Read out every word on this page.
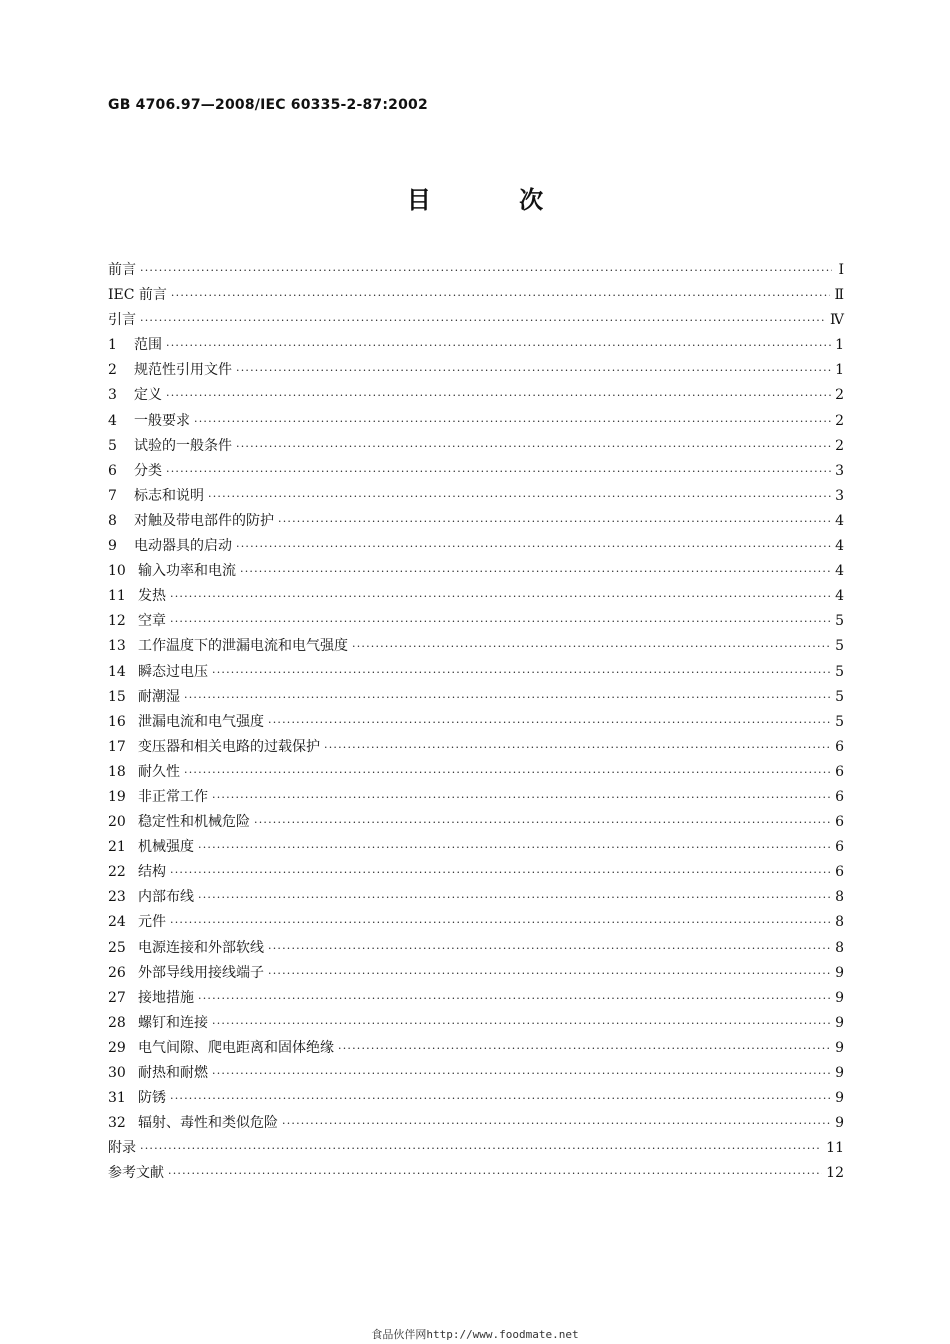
GB 4706.97—2008/IEC 60335-2-87:2002
目 次
前言 ·····	Ⅰ
IEC 前言 ·····	Ⅱ
引言 ·····	Ⅳ
1	范围 ·····	1
2	规范性引用文件 ·····	1
3	定义 ·····	2
4	一般要求 ·····	2
5	试验的一般条件 ·····	2
6	分类 ·····	3
7	标志和说明 ·····	3
8	对触及带电部件的防护 ·····	4
9	电动器具的启动 ·····	4
10 输入功率和电流 ·····	4
11 发热 ·····	4
12 空章 ·····	5
13 工作温度下的泄漏电流和电气强度 ·····	5
14 瞬态过电压 ·····	5
15 耐潮湿 ·····	5
16 泄漏电流和电气强度 ·····	5
17 变压器和相关电路的过载保护 ·····	6
18 耐久性 ·····	6
19 非正常工作 ·····	6
20 稳定性和机械危险 ·····	6
21 机械强度 ·····	6
22 结构 ·····	6
23 内部布线 ·····	8
24 元件 ·····	8
25 电源连接和外部软线 ·····	8
26 外部导线用接线端子 ·····	9
27 接地措施 ·····	9
28 螺钉和连接 ·····	9
29 电气间隙、爬电距离和固体绝缘 ·····	9
30 耐热和耐燃 ·····	9
31 防锈 ·····	9
32 辐射、毒性和类似危险 ·····	9
附录 ·····	11
参考文献 ·····	12
食品伙伴网http://www.foodmate.net
